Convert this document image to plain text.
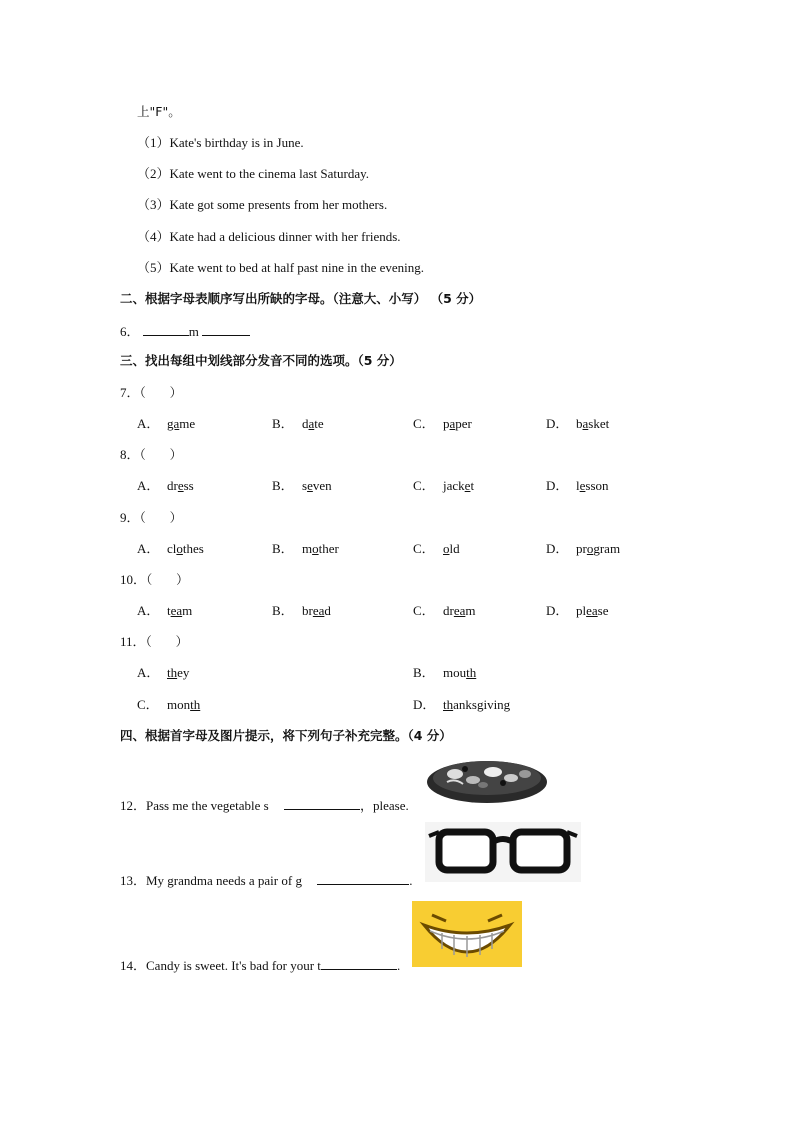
上"F"。
（1）Kate's birthday is in June.
（2）Kate went to the cinema last Saturday.
（3）Kate got some presents from her mothers.
（4）Kate had a delicious dinner with her friends.
（5）Kate went to bed at half past nine in the evening.
二、根据字母表顺序写出所缺的字母。（注意大、小写） （5 分）
6．	m
三、找出每组中划线部分发音不同的选项。（5 分）
7．（      ）
A． game	B． date	C． paper	D． basket
8．（      ）
A． dress	B． seven	C． jacket	D． lesson
9．（      ）
A． clothes	B． mother	C． old	D． program
10．（      ）
A． team	B． bread	C． dream	D． please
11．（      ）
A． they	B． mouth
C． month	D． thanksgiving
四、根据首字母及图片提示，将下列句子补充完整。（4 分）
12．Pass me the vegetable s	，please.
13．My grandma needs a pair of g	.
14．Candy is sweet. It's bad for your t	.
